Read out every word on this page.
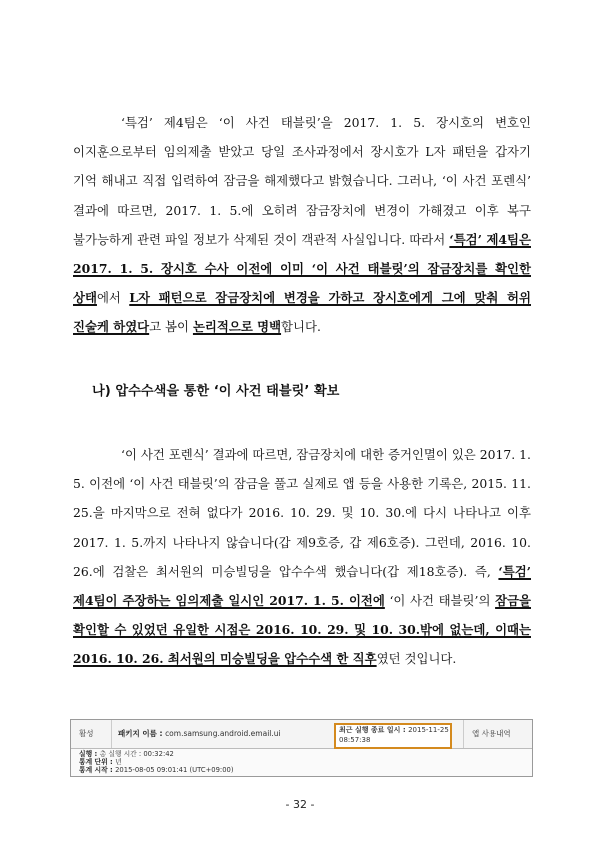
‘특검’ 제4팀은 ‘이 사건 태블릿’을 2017. 1. 5. 장시호의 변호인 이지훈으로부터 임의제출 받았고 당일 조사과정에서 장시호가 L자 패턴을 갑자기 기억 해내고 직접 입력하여 잠금을 해제했다고 밝혔습니다. 그러나, ‘이 사건 포렌식’ 결과에 따르면, 2017. 1. 5.에 오히려 잠금장치에 변경이 가해졌고 이후 복구 불가능하게 관련 파일 정보가 삭제된 것이 객관적 사실입니다. 따라서 ‘특검’ 제4팀은 2017. 1. 5. 장시호 수사 이전에 이미 ‘이 사건 태블릿’의 잠금장치를 확인한 상태에서 L자 패턴으로 잠금장치에 변경을 가하고 장시호에게 그에 맞춰 허위 진술케 하였다고 봄이 논리적으로 명백합니다.

나) 압수수색을 통한 ‘이 사건 태블릿’ 확보

‘이 사건 포렌식’ 결과에 따르면, 잠금장치에 대한 증거인멸이 있은 2017. 1. 5. 이전에 ‘이 사건 태블릿’의 잠금을 풀고 실제로 앱 등을 사용한 기록은, 2015. 11. 25.을 마지막으로 전혀 없다가 2016. 10. 29. 및 10. 30.에 다시 나타나고 이후 2017. 1. 5.까지 나타나지 않습니다(갑 제9호증, 갑 제6호증). 그런데, 2016. 10. 26.에 검찰은 최서원의 미승빌딩을 압수수색 했습니다(갑 제18호증). 즉, ‘특검’ 제4팀이 주장하는 임의제출 일시인 2017. 1. 5. 이전에 ‘이 사건 태블릿’의 잠금을 확인할 수 있었던 유일한 시점은 2016. 10. 29. 및 10. 30.밖에 없는데, 이때는 2016. 10. 26. 최서원의 미승빌딩을 압수수색 한 직후였던 것입니다.

활성	패키지 이름 : com.samsung.android.email.ui	최근 실행 종료 일시 : 2015-11-25
08:57:38
앱 사용내역
실행 : 총 실행 시간 : 00:32:42
통계 단위 : 년
통계 시작 : 2015-08-05 09:01:41 (UTC+09:00)
- 32 -
